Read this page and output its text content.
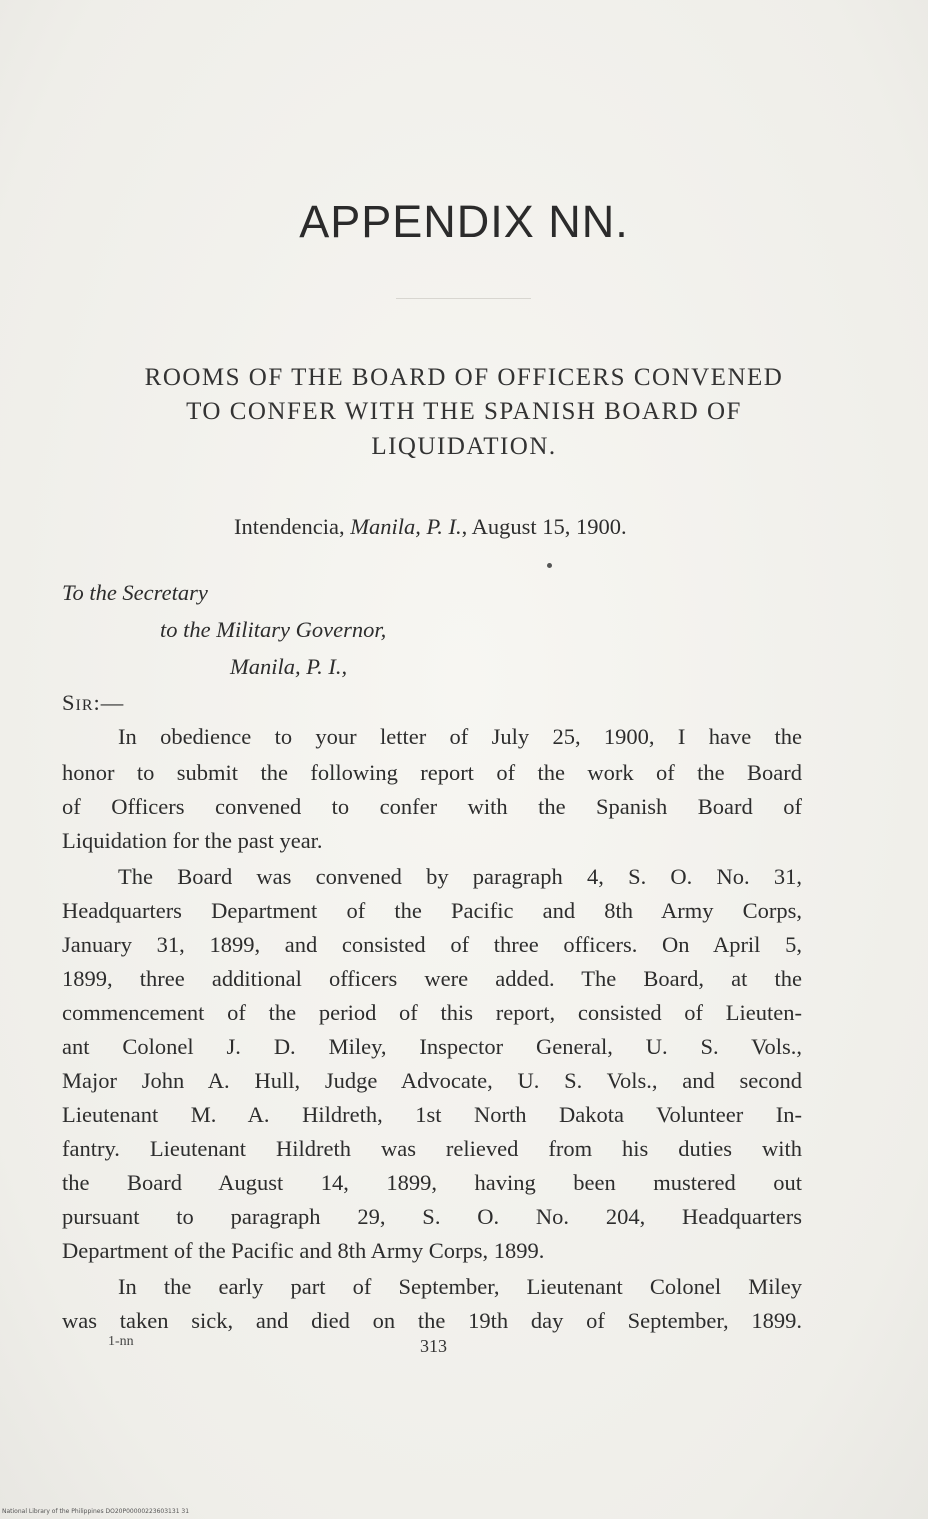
APPENDIX NN.
ROOMS OF THE BOARD OF OFFICERS CONVENED
TO CONFER WITH THE SPANISH BOARD OF
LIQUIDATION.
Intendencia, Manila, P. I., August 15, 1900.
To the Secretary
to the Military Governor,
Manila, P. I.,
Sir:—
In obedience to your letter of July 25, 1900, I have the
honor to submit the following report of the work of the Board
of Officers convened to confer with the Spanish Board of
Liquidation for the past year.
The Board was convened by paragraph 4, S. O. No. 31,
Headquarters Department of the Pacific and 8th Army Corps,
January 31, 1899, and consisted of three officers. On April 5,
1899, three additional officers were added. The Board, at the
commencement of the period of this report, consisted of Lieuten-
ant Colonel J. D. Miley, Inspector General, U. S. Vols.,
Major John A. Hull, Judge Advocate, U. S. Vols., and second
Lieutenant M. A. Hildreth, 1st North Dakota Volunteer In-
fantry. Lieutenant Hildreth was relieved from his duties with
the Board August 14, 1899, having been mustered out
pursuant to paragraph 29, S. O. No. 204, Headquarters
Department of the Pacific and 8th Army Corps, 1899.
In the early part of September, Lieutenant Colonel Miley
was taken sick, and died on the 19th day of September, 1899.
1-nn	313
National Library of the Philippines DO20P00000223603131 31
